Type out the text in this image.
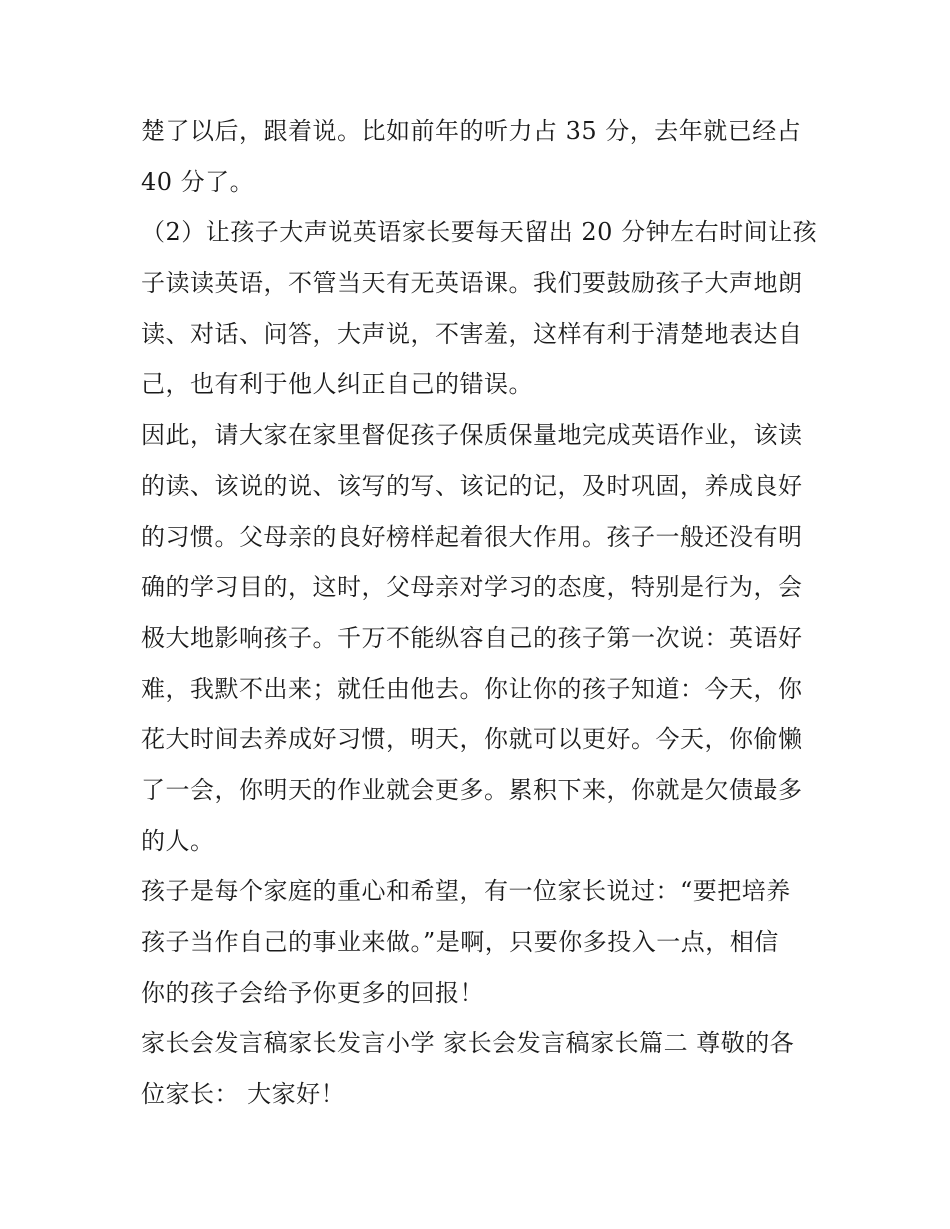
楚了以后，跟着说。比如前年的听力占 35 分，去年就已经占
40 分了。
（2）让孩子大声说英语家长要每天留出 20 分钟左右时间让孩
子读读英语，不管当天有无英语课。我们要鼓励孩子大声地朗
读、对话、问答，大声说，不害羞，这样有利于清楚地表达自
己，也有利于他人纠正自己的错误。
因此，请大家在家里督促孩子保质保量地完成英语作业，该读
的读、该说的说、该写的写、该记的记，及时巩固，养成良好
的习惯。父母亲的良好榜样起着很大作用。孩子一般还没有明
确的学习目的，这时，父母亲对学习的态度，特别是行为，会
极大地影响孩子。千万不能纵容自己的孩子第一次说：英语好
难，我默不出来；就任由他去。你让你的孩子知道：今天，你
花大时间去养成好习惯，明天，你就可以更好。今天，你偷懒
了一会，你明天的作业就会更多。累积下来，你就是欠债最多
的人。
孩子是每个家庭的重心和希望，有一位家长说过：“要把培养
孩子当作自己的事业来做。”是啊，只要你多投入一点，相信
你的孩子会给予你更多的回报！
家长会发言稿家长发言小学 家长会发言稿家长篇二 尊敬的各
位家长： 大家好！
